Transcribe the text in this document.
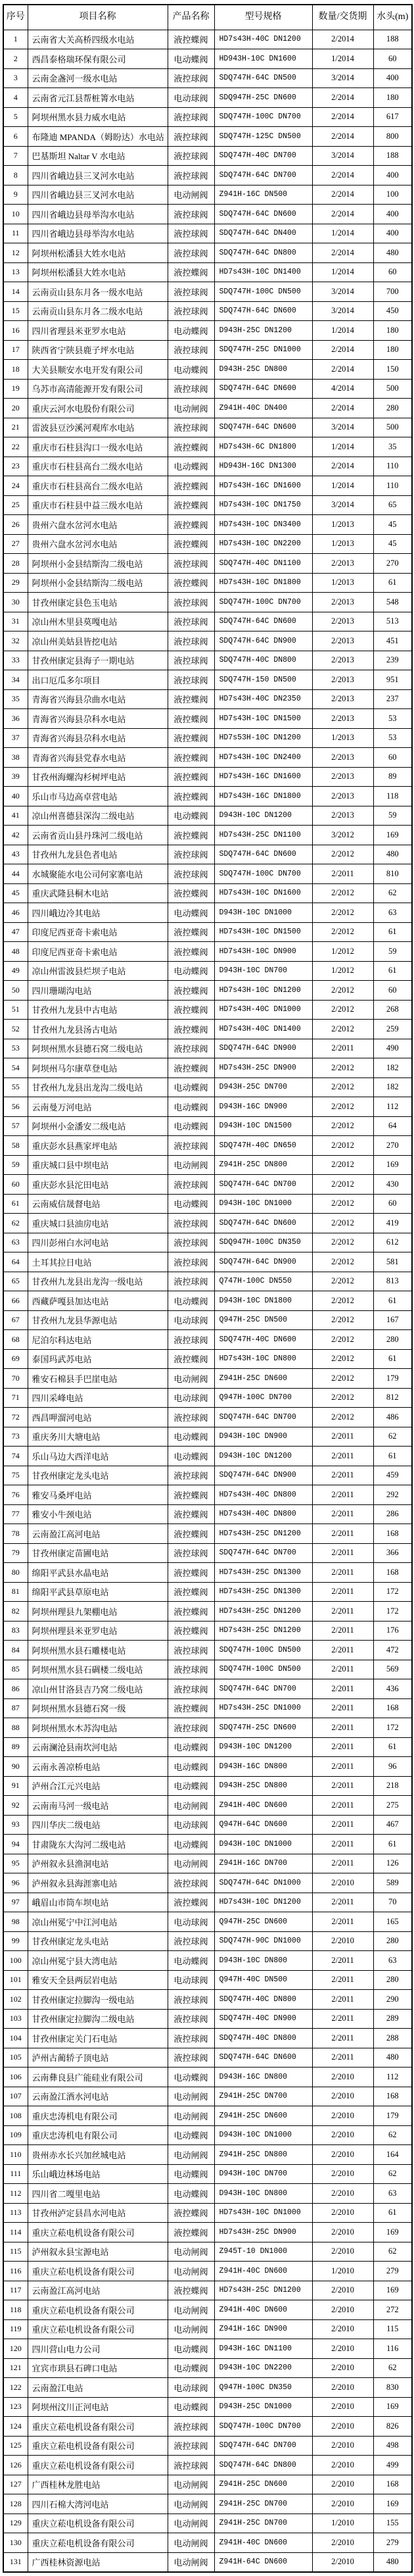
序号	项目名称	产品名称	型号规格	数量/交货期	水头(m)
1	云南省大关高桥四级水电站	液控蝶阀	HD7s43H-40C DN1200	2/2014	188
2	西昌泰格瑞环保有限公司	电动蝶阀	HD943H-10C DN1600	1/2014	60
3	云南金盏河一级水电站	液控球阀	SDQ747H-64C DN500	3/2014	400
4	云南省元江县帮桩箐水电站	电动球阀	SDQ947H-25C DN600	2/2014	180
5	阿坝州黑水县力威水电站	液控球阀	SDQ747H-100C DN700	2/2014	617
6	布隆迪 MPANDA（姆盼达）水电站	液控球阀	SDQ747H-125C DN500	2/2014	800
7	巴基斯坦 Naltar V 水电站	液控球阀	SDQ747H-40C DN700	3/2014	188
8	四川省峨边县三叉河水电站	液控球阀	SDQ747H-64C DN700	2/2014	400
9	四川省峨边县三叉河水电站	电动闸阀	Z941H-16C DN500	2/2014	100
10	四川省峨边县母举沟水电站	液控球阀	SDQ747H-64C DN600	2/2014	400
11	四川省峨边县母举沟水电站	液控球阀	SDQ747H-64C DN400	1/2014	400
12	阿坝州松潘县大姓水电站	液控球阀	SDQ747H-64C DN800	2/2014	480
13	阿坝州松潘县大姓水电站	液控蝶阀	HD7s43H-10C DN1400	1/2014	60
14	云南贡山县东月各一级水电站	液控球阀	SDQ747H-100C DN500	3/2014	700
15	云南贡山县东月各二级水电站	液控球阀	SDQ747H-64C DN600	3/2014	450
16	四川省理县米亚罗水电站	电动蝶阀	D943H-25C DN1200	1/2014	180
17	陕西省宁陕县鹿子坪水电站	液控球阀	SDQ747H-25C DN1000	2/2014	180
18	大关县顺安水电开发有限公司	电动蝶阀	D943H-25C DN800	2/2014	150
19	乌苏市高清能源开发有限公司	液控球阀	SDQ747H-64C DN600	4/2014	500
20	重庆云河水电股份有限公司	电动闸阀	Z941H-40C DN400	2/2014	280
21	雷波县豆沙溪河观库水电站	液控球阀	SDQ747H-64C DN600	3/2014	500
22	重庆市石柱县沟口一级水电站	液控蝶阀	HD7s43H-6C DN1800	1/2014	35
23	重庆市石柱县高台二级水电站	电动蝶阀	HD943H-16C DN1300	2/2014	110
24	重庆市石柱县高台二级水电站	液控蝶阀	HD7s43H-16C DN1600	1/2014	110
25	重庆市石柱县中益三级水电站	液控蝶阀	HD7s43H-10C DN1750	3/2014	65
26	贵州六盘水岔河水电站	液控蝶阀	HD7s43H-10C DN3400	1/2013	45
27	贵州六盘水岔河水电站	液控蝶阀	HD7s43H-10C DN2200	1/2013	45
28	阿坝州小金县结斯沟二级电站	液控球阀	SDQ747H-40C DN1100	2/2013	270
29	阿坝州小金县结斯沟二级电站	液控蝶阀	HD7s43H-10C DN1800	1/2013	61
30	甘孜州康定县色玉电站	液控球阀	SDQ747H-100C DN700	2/2013	548
31	凉山州木里县莫嘎电站	液控球阀	SDQ747H-64C DN600	2/2013	513
32	凉山州美姑县皆挖电站	液控球阀	SDQ747H-64C DN900	2/2013	451
33	甘孜州康定县海子一期电站	液控球阀	SDQ747H-40C DN800	2/2013	239
34	出口厄瓜多尔项目	液控球阀	SDQ747H-150 DN500	2/2013	951
35	青海省兴海县尕曲水电站	液控蝶阀	HD7s43H-40C DN2350	2/2013	237
36	青海省兴海县尕科水电站	液控蝶阀	HD7s43H-10C DN1500	2/2013	53
37	青海省兴海县尕科水电站	液控蝶阀	HD7s53H-10C DN1200	1/2013	53
38	青海省兴海县党春水电站	液控蝶阀	HD7s43H-10C DN2400	2/2013	60
39	甘孜州海螺沟杉树坪电站	液控蝶阀	HD7s43H-16C DN1600	2/2013	89
40	乐山市马边高卓营电站	液控蝶阀	HD7s43H-16C DN1800	2/2013	118
41	凉山州喜德县深沟二级电站	电动蝶阀	D943H-10C DN1200	2/2013	59
42	云南省贡山县丹珠河二级电站	液控蝶阀	HD7s43H-25C DN1100	3/2012	169
43	甘孜州九龙县色者电站	液控球阀	SDQ747H-64C DN600	2/2012	480
44	水城聚能水电公司何家寨电站	液控球阀	SDQ747H-100C DN700	2/2011	810
45	重庆武隆县桐木电站	液控蝶阀	HD7s43H-10C DN1600	2/2012	62
46	四川峨边冷其电站	电动蝶阀	D943H-10C DN1000	2/2012	63
47	印度尼西亚奇卡索电站	液控蝶阀	HD7s43H-10C DN1500	2/2012	61
48	印度尼西亚奇卡索电站	液控蝶阀	HD7s43H-10C DN900	1/2012	59
49	凉山州雷波县烂坝子电站	电动蝶阀	D943H-10C DN700	1/2012	61
50	四川珊瑚沟电站	液控蝶阀	HD7s43H-10C DN1200	2/2012	60
51	甘孜州九龙县中古电站	液控蝶阀	HD7s43H-40C DN1000	2/2012	268
52	甘孜州九龙县汤古电站	液控蝶阀	HD7s43H-40C DN1400	2/2012	259
53	阿坝州黑水县德石窝二级电站	液控球阀	SDQ747H-64C DN900	2/2011	490
54	阿坝州马尔康草登电站	液控蝶阀	HD7s43H-25C DN900	2/2012	182
55	甘孜州九龙县出龙沟二级电站	电动蝶阀	D943H-25C DN700	2/2012	182
56	云南曼万河电站	电动蝶阀	D943H-16C DN900	2/2012	112
57	阿坝州小金潘安二级电站	电动蝶阀	D943H-10C DN1500	2/2012	64
58	重庆彭水县燕家坪电站	液控球阀	SDQ747H-40C DN650	2/2012	270
59	重庆城口县中坝电站	电动闸阀	Z941H-25C DN800	2/2012	169
60	重庆彭水县沱田电站	液控球阀	SDQ747H-64C DN700	2/2012	430
61	云南威信晟督电站	电动蝶阀	D943H-10C DN1000	2/2012	60
62	重庆城口县油房电站	液控球阀	SDQ747H-64C DN600	2/2012	419
63	四川彭州白水河电站	液控球阀	SDQ947H-100C DN350	2/2012	612
64	土耳其拉日电站	液控球阀	SDQ747H-64C DN900	2/2012	581
65	甘孜州九龙县出龙沟一级电站	液控球阀	Q747H-100C DN550	2/2012	813
66	西藏萨嘎县加达电站	电动蝶阀	D943H-10C DN1800	2/2012	61
67	甘孜州九龙县华源电站	电动球阀	Q947H-25C DN500	2/2012	167
68	尼泊尔科达电站	液控球阀	SDQ747H-40C DN600	2/2012	280
69	泰国玛武苏电站	液控蝶阀	HD7s43H-10C DN800	2/2012	61
70	雅安石棉县手巴崖电站	电动闸阀	Z941H-25C DN600	2/2012	179
71	四川采峰电站	电动球阀	Q947H-100C DN700	2/2012	812
72	西昌呷溜河电站	液控球阀	SDQ747H-64C DN700	2/2012	486
73	重庆务川大塘电站	电动蝶阀	D943H-10C DN900	2/2011	62
74	乐山马边大西洋电站	电动蝶阀	D943H-10C DN1200	2/2011	61
75	甘孜州康定龙头电站	液控球阀	SDQ747H-64C DN900	2/2011	459
76	雅安马桑坪电站	液控蝶阀	HD7s43H-40C DN800	2/2011	292
77	雅安小牛颈电站	液控蝶阀	HD7s43H-40C DN800	2/2011	286
78	云南盈江高河电站	液控蝶阀	HD7s43H-25C DN1200	2/2011	168
79	甘孜州康定苗圃电站	液控球阀	SDQ747H-64C DN700	2/2011	366
80	绵阳平武县水晶电站	液控蝶阀	HD7s43H-25C DN1300	2/2011	168
81	绵阳平武县草原电站	液控蝶阀	HD7s43H-25C DN1300	2/2011	172
82	阿坝州理县九架棚电站	液控蝶阀	HD7s43H-25C DN1200	2/2011	172
83	阿坝州理县米亚罗电站	液控蝶阀	HD7s43H-25C DN1200	2/2011	176
84	阿坝州黑水县石雕楼电站	液控球阀	SDQ747H-100C DN500	2/2011	472
85	阿坝州黑水县石碉楼二级电站	液控球阀	SDQ747H-100C DN500	2/2011	569
86	凉山州甘洛县吉乃窝二级电站	液控球阀	SDQ747H-64C DN700	2/2011	436
87	阿坝州黑水县德石窝一级	液控蝶阀	HD7s43H-25C DN1000	2/2011	168
88	阿坝州黑水木苏沟电站	液控球阀	SDQ747H-25C DN600	2/2011	172
89	云南澜沧县南坎河电站	电动蝶阀	D943H-10C DN1200	2/2011	61
90	云南永善凉桥电站	电动蝶阀	D943H-16C DN800	2/2011	96
91	泸州合江元兴电站	电动蝶阀	D943H-25C DN800	2/2011	218
92	云南南马河一级电站	电动闸阀	Z941H-40C DN600	2/2011	275
93	四川华庆二级电站	电动球阀	Q947H-64C DN600	2/2011	467
94	甘肃陇东大沟河二级电站	电动蝶阀	D943H-10C DN1000	2/2011	61
95	泸州叙永县渔洞电站	电动闸阀	Z941H-16C DN700	2/2011	126
96	泸州叙永县海涯寨电站	液控球阀	SDQ747H-64C DN1000	2/2010	589
97	峨眉山市筒车坝电站	液控蝶阀	HD7s43H-10C DN1200	2/2011	70
98	凉山州冕宁中江河电站	电动球阀	Q947H-25C DN600	2/2011	165
99	甘孜州康定龙头电站	液控球阀	SDQ747H-90C DN1000	2/2010	280
100	凉山州冕宁县大湾电站	电动蝶阀	D943H-10C DN800	2/2011	63
101	雅安天全县两层岩电站	电动球阀	Q947H-40C DN500	2/2011	280
102	甘孜州康定拉脚沟一级电站	液控球阀	SDQ747H-40C DN800	2/2011	290
103	甘孜州康定拉脚沟二级电站	液控球阀	SDQ747H-40C DN900	2/2011	289
104	甘孜州康定关门石电站	液控球阀	SDQ747H-40C DN800	2/2011	288
105	泸州古蔺轿子顶电站	液控球阀	SDQ747H-64C DN600	2/2011	480
106	云南彝良县广能硅业有限公司	电动蝶阀	D943H-16C DN800	2/2010	112
107	云南盈江酒水河电站	电动闸阀	Z941H-25C DN700	2/2010	168
108	重庆忠涛机电有限公司	电动闸阀	Z941H-25C DN600	2/2010	179
109	重庆忠涛机电有限公司	电动蝶阀	D943H-10C DN1000	2/2010	62
110	贵州赤水长兴加丝城电站	电动闸阀	Z941H-25C DN800	2/2010	164
111	乐山峨边林场电站	电动蝶阀	D943H-10C DN700	2/2010	62
112	四川省二嘎里电站	电动蝶阀	D943H-10C DN800	2/2010	63
113	甘孜州泸定县昌水河电站	液控蝶阀	HD7s43H-10C DN1000	2/2010	61
114	重庆立菘电机设备有限公司	液控蝶阀	HD7s43H-25C DN900	2/2010	169
115	泸州叙永县宝源电站	电动闸阀	Z945T-10 DN1000	2/2010	62
116	重庆立菘电机设备有限公司	电动闸阀	Z941H-40C DN600	1/2010	279
117	云南盈江高河电站	液控蝶阀	HD7s43H-25C DN1200	2/2010	169
118	重庆立菘电机设备有限公司	电动闸阀	Z941H-40C DN600	2/2010	272
119	重庆立菘电机设备有限公司	电动闸阀	Z941H-16C DN900	2/2010	115
120	四川营山电力公司	电动蝶阀	D943H-16C DN1100	2/2010	116
121	宜宾市珙县石碑口电站	电动蝶阀	D943H-10C DN2200	2/2010	62
122	云南盈江电站	电动球阀	Q947H-100C DN350	2/2010	830
123	阿坝州汶川正河电站	电动蝶阀	D943H-25C DN1000	2/2010	169
124	重庆立菘电机设备有限公司	液控球阀	SDQ747H-100C DN700	2/2010	826
125	重庆立菘电机设备有限公司	液控球阀	SDQ747H-64C DN700	2/2010	498
126	重庆立菘电机设备有限公司	液控球阀	SDQ747H-64C DN800	2/2010	499
127	广西桂林龙胜电站	电动闸阀	Z941H-25C DN600	2/2010	168
128	四川石棉大湾河电站	电动闸阀	Z941H-25C DN700	2/2010	169
129	重庆立菘电机设备有限公司	电动闸阀	Z941H-25C DN700	1/2010	155
130	重庆立菘电机设备有限公司	电动闸阀	Z941H-40C DN600	2/2010	279
131	广西桂林资源电站	电动闸阀	Z941H-64C DN600	2/2010	480
